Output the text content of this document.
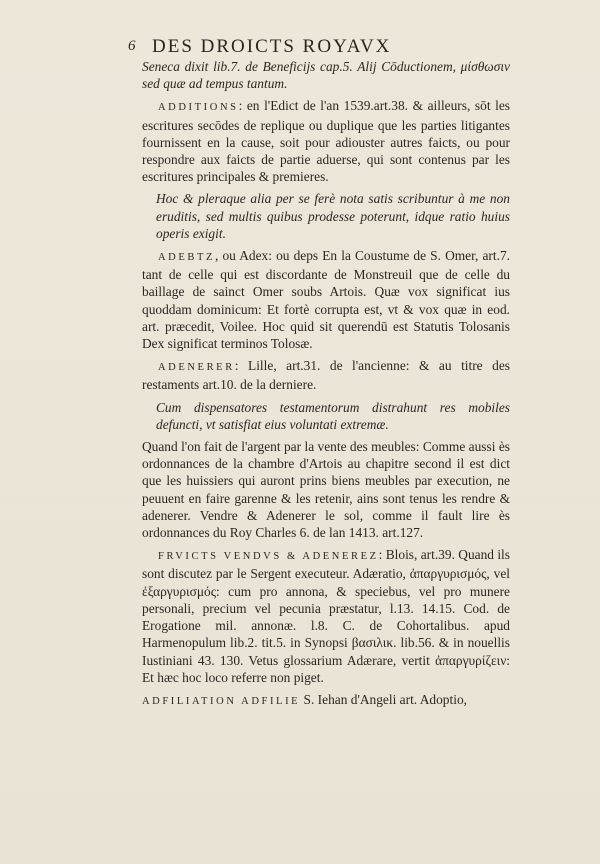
6 DES DROICTS ROYAVX

Seneca dixit lib.7. de Beneficijs cap.5. Alij Cōductionem, μίσθωσιν sed quæ ad tempus tantum.

ADDITIONS: en l'Edict de l'an 1539.art.38. & ailleurs, sōt les escritures secōdes de replique ou duplique que les parties litigantes fournissent en la cause, soit pour adiouster autres faicts, ou pour respondre aux faicts de partie aduerse, qui sont contenus par les escritures principales & premieres.

Hoc & pleraque alia per se ferè nota satis scribuntur à me non eruditis, sed multis quibus prodesse poterunt, idque ratio huius operis exigit.

ADEBTZ, ou Adex: ou deps En la Coustume de S. Omer, art.7. tant de celle qui est discordante de Monstreuil que de celle du baillage de sainct Omer soubs Artois. Quæ vox significat ius quoddam dominicum: Et fortè corrupta est, vt & vox quæ in eod. art. præcedit, Voilee. Hoc quid sit querendū est Statutis Tolosanis Dex significat terminos Tolosæ.

ADENERER: Lille, art.31. de l'ancienne: & au titre des restaments art.10. de la derniere.

Cum dispensatores testamentorum distrahunt res mobiles defuncti, vt satisfiat eius voluntati extremæ.

Quand l'on fait de l'argent par la vente des meubles: Comme aussi ès ordonnances de la chambre d'Artois au chapitre second il est dict que les huissiers qui auront prins biens meubles par execution, ne peuuent en faire garenne & les retenir, ains sont tenus les rendre & adenerer. Vendre & Adenerer le sol, comme il fault lire ès ordonnances du Roy Charles 6. de lan 1413. art.127.

FRVICTS VENDVS & ADENEREZ: Blois, art.39. Quand ils sont discutez par le Sergent executeur. Adæratio, ἀπαργυρισμός, vel ἐξαργυρισμός: cum pro annona, & speciebus, vel pro munere personali, precium vel pecunia præstatur, l.13. 14.15. Cod. de Erogatione mil. annonæ. l.8. C. de Cohortalibus. apud Harmenopulum lib.2. tit.5. in Synopsi βασιλικ. lib.56. & in nouellis Iustiniani 43. 130. Vetus glossarium Adærare, vertit ἀπαργυρίζειν: Et hæc hoc loco referre non piget.

ADFILIATION ADFILIE S. Iehan d'Angeli art. Adoptio,
